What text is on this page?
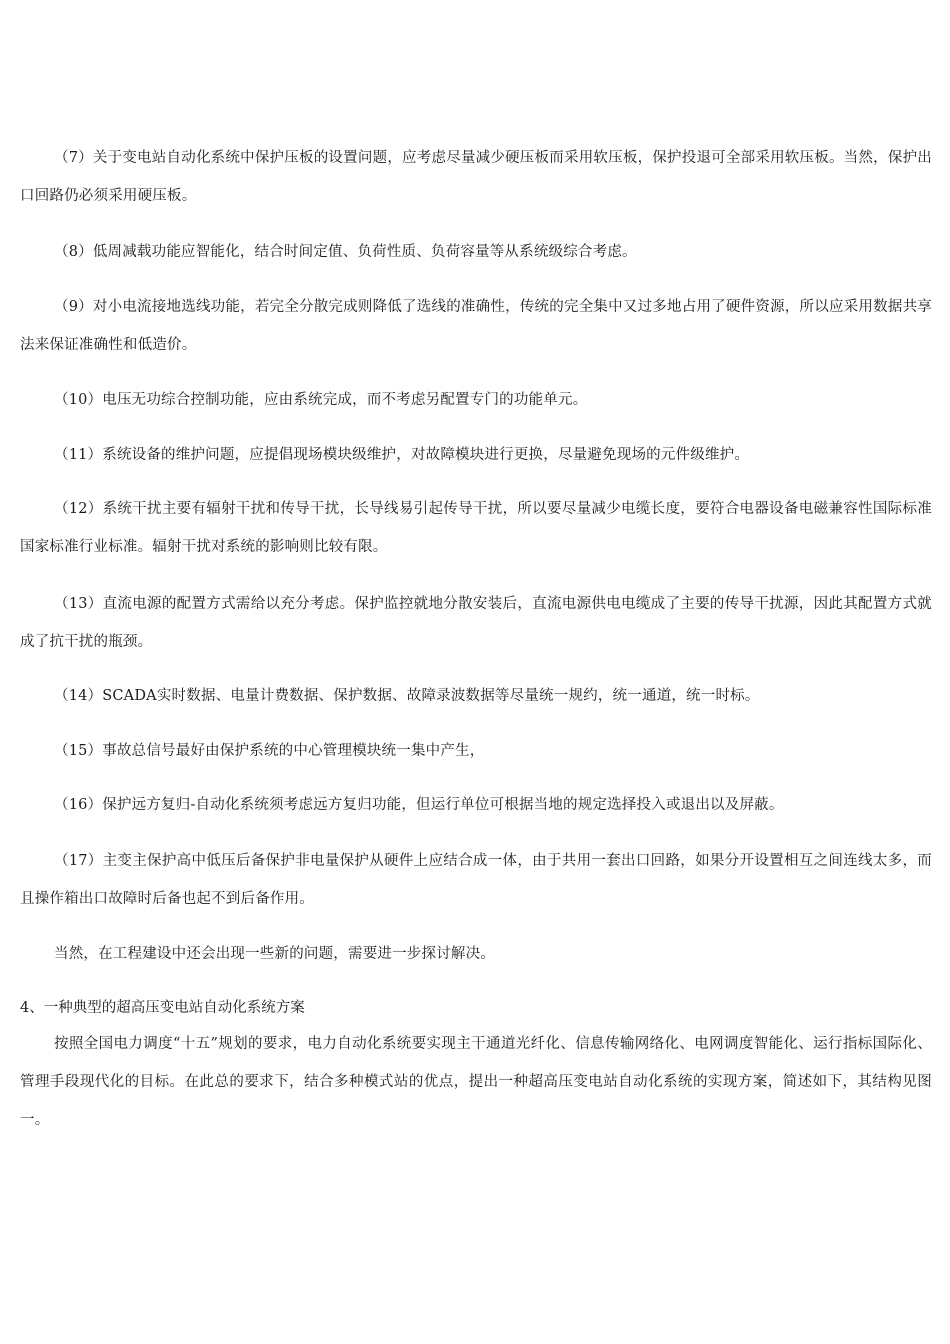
（7）关于变电站自动化系统中保护压板的设置问题，应考虑尽量减少硬压板而采用软压板，保护投退可全部采用软压板。当然，保护出口回路仍必须采用硬压板。

（8）低周减载功能应智能化，结合时间定值、负荷性质、负荷容量等从系统级综合考虑。

（9）对小电流接地选线功能，若完全分散完成则降低了选线的准确性，传统的完全集中又过多地占用了硬件资源，所以应采用数据共享法来保证准确性和低造价。

（10）电压无功综合控制功能，应由系统完成，而不考虑另配置专门的功能单元。

（11）系统设备的维护问题，应提倡现场模块级维护，对故障模块进行更换，尽量避免现场的元件级维护。

（12）系统干扰主要有辐射干扰和传导干扰，长导线易引起传导干扰，所以要尽量减少电缆长度，要符合电器设备电磁兼容性国际标准国家标准行业标准。辐射干扰对系统的影响则比较有限。

（13）直流电源的配置方式需给以充分考虑。保护监控就地分散安装后，直流电源供电电缆成了主要的传导干扰源，因此其配置方式就成了抗干扰的瓶颈。

（14）SCADA实时数据、电量计费数据、保护数据、故障录波数据等尽量统一规约，统一通道，统一时标。

（15）事故总信号最好由保护系统的中心管理模块统一集中产生，

（16）保护远方复归-自动化系统须考虑远方复归功能，但运行单位可根据当地的规定选择投入或退出以及屏蔽。

（17）主变主保护高中低压后备保护非电量保护从硬件上应结合成一体，由于共用一套出口回路，如果分开设置相互之间连线太多，而且操作箱出口故障时后备也起不到后备作用。

当然，在工程建设中还会出现一些新的问题，需要进一步探讨解决。

4、一种典型的超高压变电站自动化系统方案

按照全国电力调度“十五”规划的要求，电力自动化系统要实现主干通道光纤化、信息传输网络化、电网调度智能化、运行指标国际化、管理手段现代化的目标。在此总的要求下，结合多种模式站的优点，提出一种超高压变电站自动化系统的实现方案，简述如下，其结构见图一。
